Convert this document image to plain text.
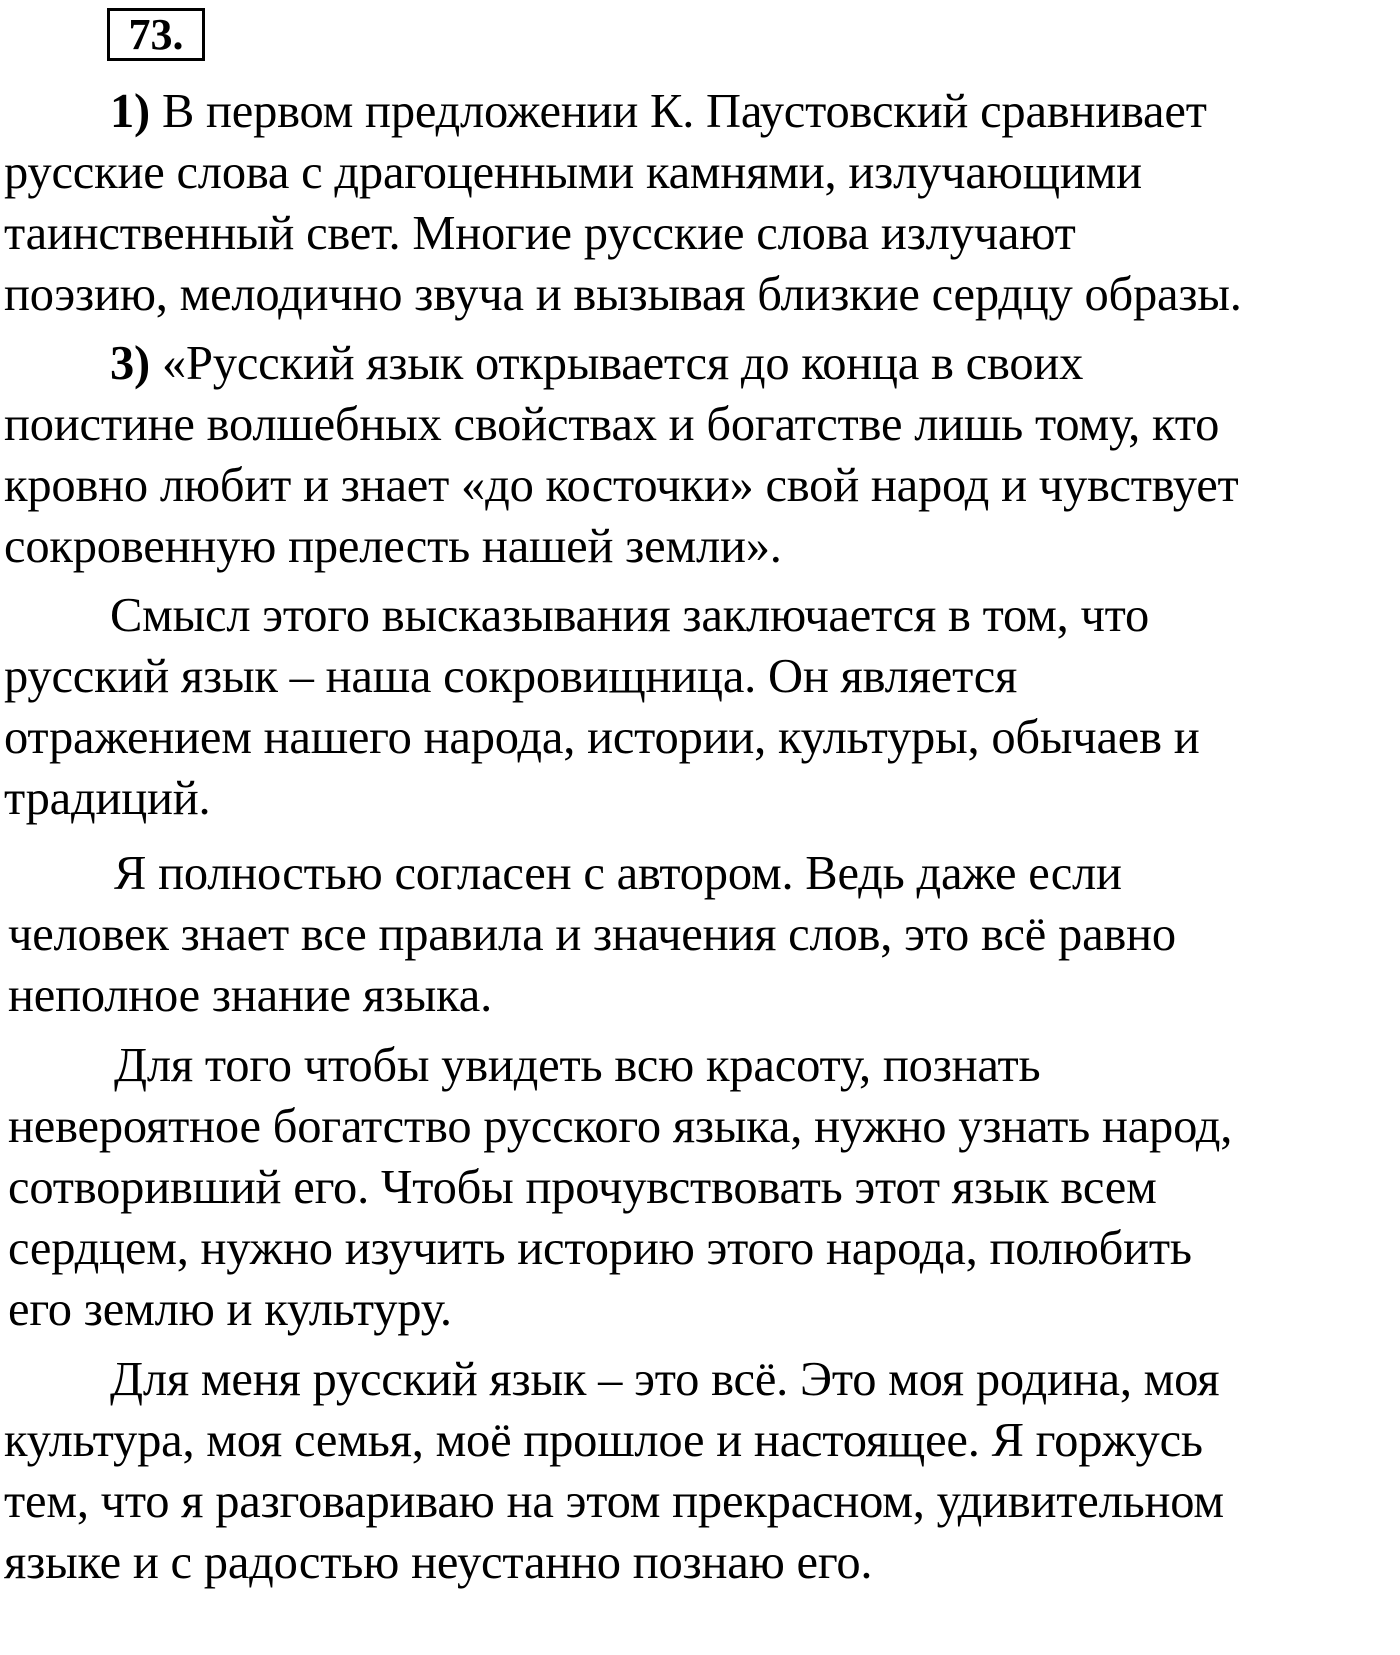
73.
1) В первом предложении К. Паустовский сравнивает
русские слова с драгоценными камнями, излучающими
таинственный свет. Многие русские слова излучают
поэзию, мелодично звуча и вызывая близкие сердцу образы.
3) «Русский язык открывается до конца в своих
поистине волшебных свойствах и богатстве лишь тому, кто
кровно любит и знает «до косточки» свой народ и чувствует
сокровенную прелесть нашей земли».
Смысл этого высказывания заключается в том, что
русский язык – наша сокровищница. Он является
отражением нашего народа, истории, культуры, обычаев и
традиций.
Я полностью согласен с автором. Ведь даже если
человек знает все правила и значения слов, это всё равно
неполное знание языка.
Для того чтобы увидеть всю красоту, познать
невероятное богатство русского языка, нужно узнать народ,
сотворивший его. Чтобы прочувствовать этот язык всем
сердцем, нужно изучить историю этого народа, полюбить
его землю и культуру.
Для меня русский язык – это всё. Это моя родина, моя
культура, моя семья, моё прошлое и настоящее. Я горжусь
тем, что я разговариваю на этом прекрасном, удивительном
языке и с радостью неустанно познаю его.
